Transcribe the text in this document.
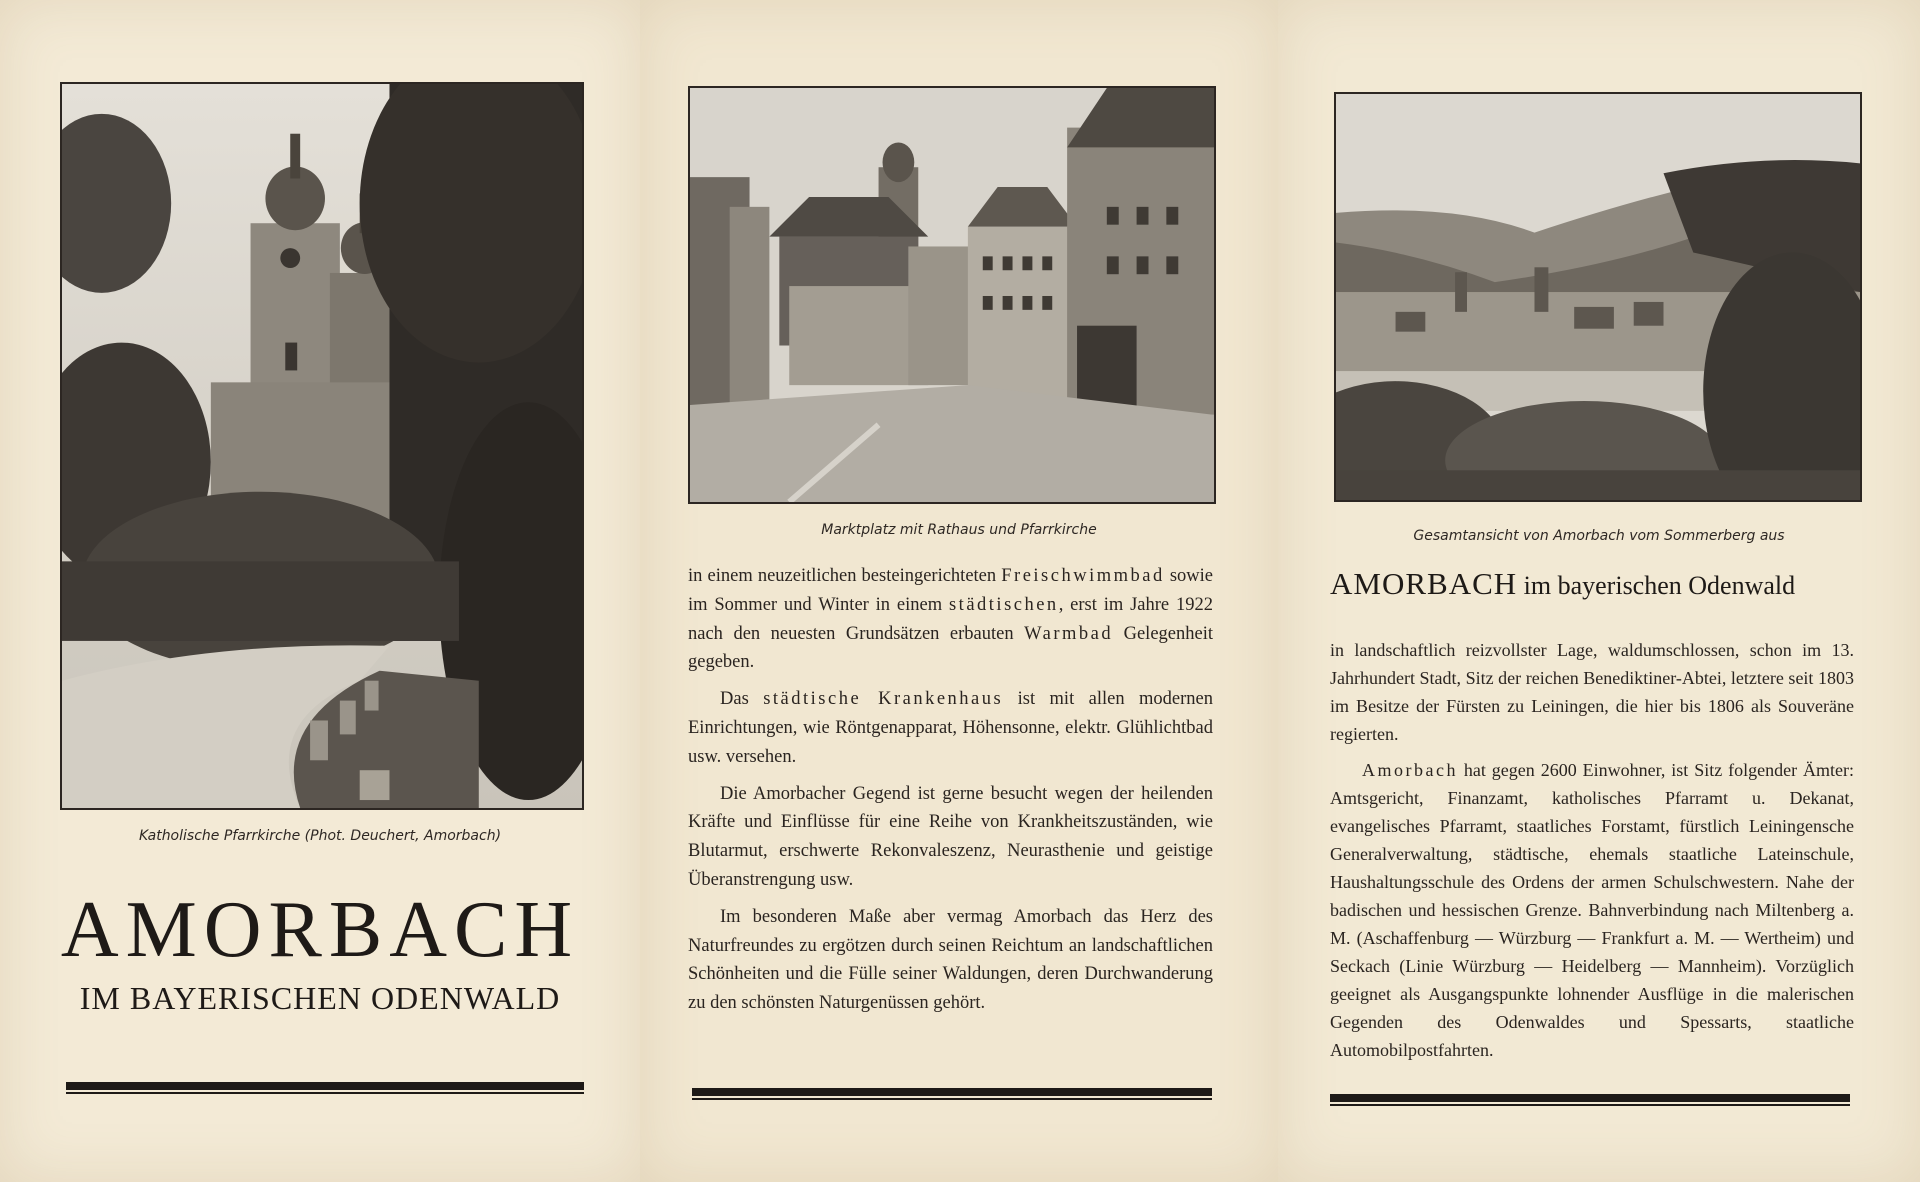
Katholische Pfarrkirche (Phot. Deuchert, Amorbach)
AMORBACH
IM BAYERISCHEN ODENWALD
Marktplatz mit Rathaus und Pfarrkirche

in einem neuzeitlichen besteingerichteten Freischwimmbad sowie im Sommer und Winter in einem städtischen, erst im Jahre 1922 nach den neuesten Grundsätzen erbauten Warmbad Gelegenheit gegeben.

Das städtische Krankenhaus ist mit allen modernen Einrichtungen, wie Röntgenapparat, Höhensonne, elektr. Glühlichtbad usw. versehen.

Die Amorbacher Gegend ist gerne besucht wegen der heilenden Kräfte und Einflüsse für eine Reihe von Krankheitszuständen, wie Blutarmut, erschwerte Rekonvaleszenz, Neurasthenie und geistige Überanstrengung usw.

Im besonderen Maße aber vermag Amorbach das Herz des Naturfreundes zu ergötzen durch seinen Reichtum an landschaftlichen Schönheiten und die Fülle seiner Waldungen, deren Durchwanderung zu den schönsten Naturgenüssen gehört.

Gesamtansicht von Amorbach vom Sommerberg aus
AMORBACH im bayerischen Odenwald

in landschaftlich reizvollster Lage, waldumschlossen, schon im 13. Jahrhundert Stadt, Sitz der reichen Benediktiner-Abtei, letztere seit 1803 im Besitze der Fürsten zu Leiningen, die hier bis 1806 als Souveräne regierten.

Amorbach hat gegen 2600 Einwohner, ist Sitz folgender Ämter: Amtsgericht, Finanzamt, katholisches Pfarramt u. Dekanat, evangelisches Pfarramt, staatliches Forstamt, fürstlich Leiningensche Generalverwaltung, städtische, ehemals staatliche Lateinschule, Haushaltungsschule des Ordens der armen Schulschwestern. Nahe der badischen und hessischen Grenze. Bahnverbindung nach Miltenberg a. M. (Aschaffenburg — Würzburg — Frankfurt a. M. — Wertheim) und Seckach (Linie Würzburg — Heidelberg — Mannheim). Vorzüglich geeignet als Ausgangspunkte lohnender Ausflüge in die malerischen Gegenden des Odenwaldes und Spessarts, staatliche Automobilpostfahrten.
